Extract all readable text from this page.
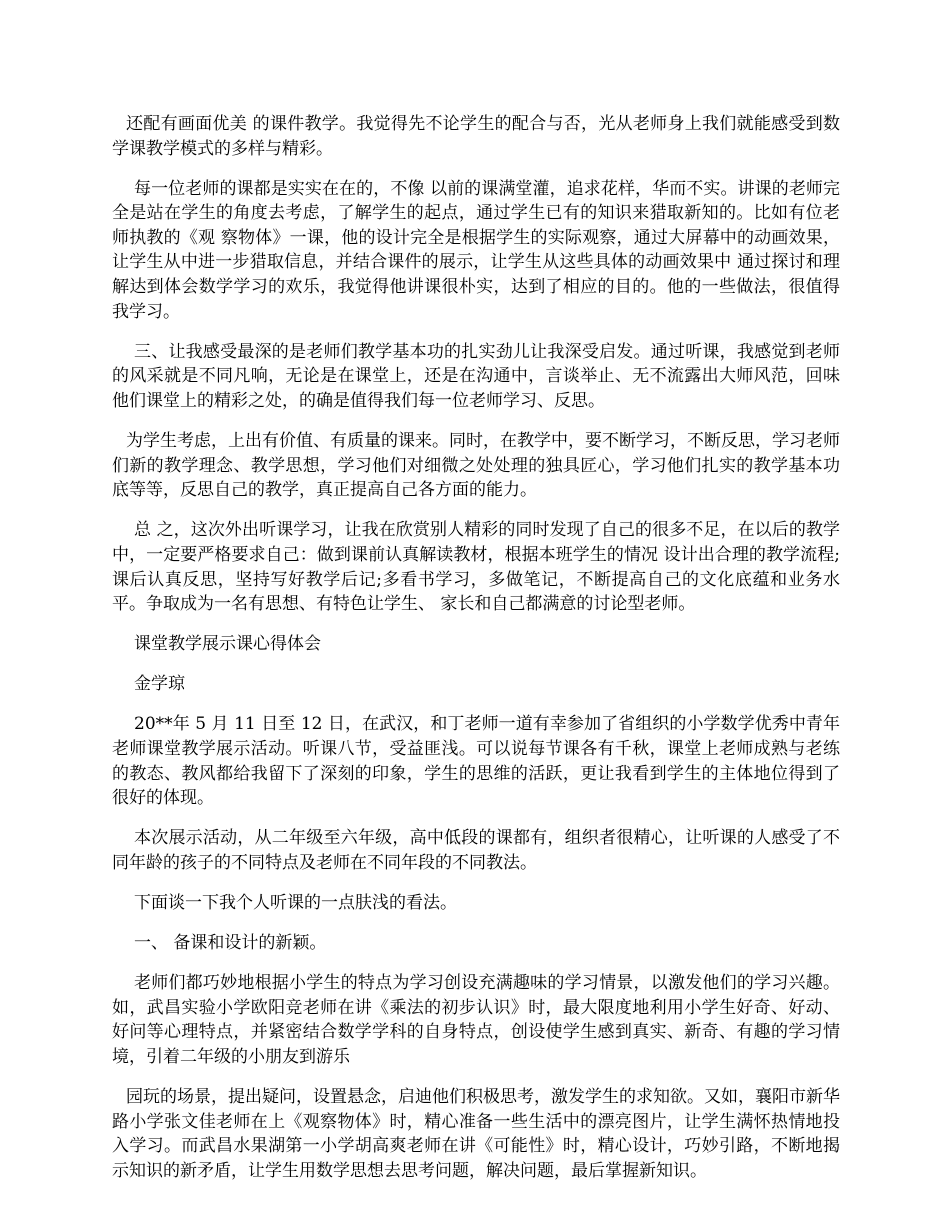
还配有画面优美 的课件教学。我觉得先不论学生的配合与否，光从老师身上我们就能感受到数学课教学模式的多样与精彩。

每一位老师的课都是实实在在的，不像 以前的课满堂灌，追求花样，华而不实。讲课的老师完全是站在学生的角度去考虑，了解学生的起点，通过学生已有的知识来猎取新知的。比如有位老师执教的《观 察物体》一课，他的设计完全是根据学生的实际观察，通过大屏幕中的动画效果，让学生从中进一步猎取信息，并结合课件的展示，让学生从这些具体的动画效果中 通过探讨和理解达到体会数学学习的欢乐，我觉得他讲课很朴实，达到了相应的目的。他的一些做法，很值得我学习。

三、让我感受最深的是老师们教学基本功的扎实劲儿让我深受启发。通过听课，我感觉到老师的风采就是不同凡响，无论是在课堂上，还是在沟通中，言谈举止、无不流露出大师风范，回味他们课堂上的精彩之处，的确是值得我们每一位老师学习、反思。

为学生考虑，上出有价值、有质量的课来。同时，在教学中，要不断学习，不断反思，学习老师 们新的教学理念、教学思想，学习他们对细微之处处理的独具匠心，学习他们扎实的教学基本功底等等，反思自己的教学，真正提高自己各方面的能力。

总 之，这次外出听课学习，让我在欣赏别人精彩的同时发现了自己的很多不足，在以后的教学中，一定要严格要求自己：做到课前认真解读教材，根据本班学生的情况 设计出合理的教学流程;课后认真反思，坚持写好教学后记;多看书学习，多做笔记，不断提高自己的文化底蕴和业务水平。争取成为一名有思想、有特色让学生、 家长和自己都满意的讨论型老师。

课堂教学展示课心得体会

金学琼

20**年 5 月 11 日至 12 日，在武汉，和丁老师一道有幸参加了省组织的小学数学优秀中青年老师课堂教学展示活动。听课八节，受益匪浅。可以说每节课各有千秋，课堂上老师成熟与老练的教态、教风都给我留下了深刻的印象，学生的思维的活跃，更让我看到学生的主体地位得到了很好的体现。

本次展示活动，从二年级至六年级，高中低段的课都有，组织者很精心，让听课的人感受了不同年龄的孩子的不同特点及老师在不同年段的不同教法。

下面谈一下我个人听课的一点肤浅的看法。

一、 备课和设计的新颖。

老师们都巧妙地根据小学生的特点为学习创设充满趣味的学习情景，以激发他们的学习兴趣。如，武昌实验小学欧阳竞老师在讲《乘法的初步认识》时，最大限度地利用小学生好奇、好动、好问等心理特点，并紧密结合数学学科的自身特点，创设使学生感到真实、新奇、有趣的学习情境，引着二年级的小朋友到游乐

园玩的场景，提出疑问，设置悬念，启迪他们积极思考，激发学生的求知欲。又如，襄阳市新华路小学张文佳老师在上《观察物体》时，精心准备一些生活中的漂亮图片，让学生满怀热情地投入学习。而武昌水果湖第一小学胡高爽老师在讲《可能性》时，精心设计，巧妙引路，不断地揭示知识的新矛盾，让学生用数学思想去思考问题，解决问题，最后掌握新知识。
